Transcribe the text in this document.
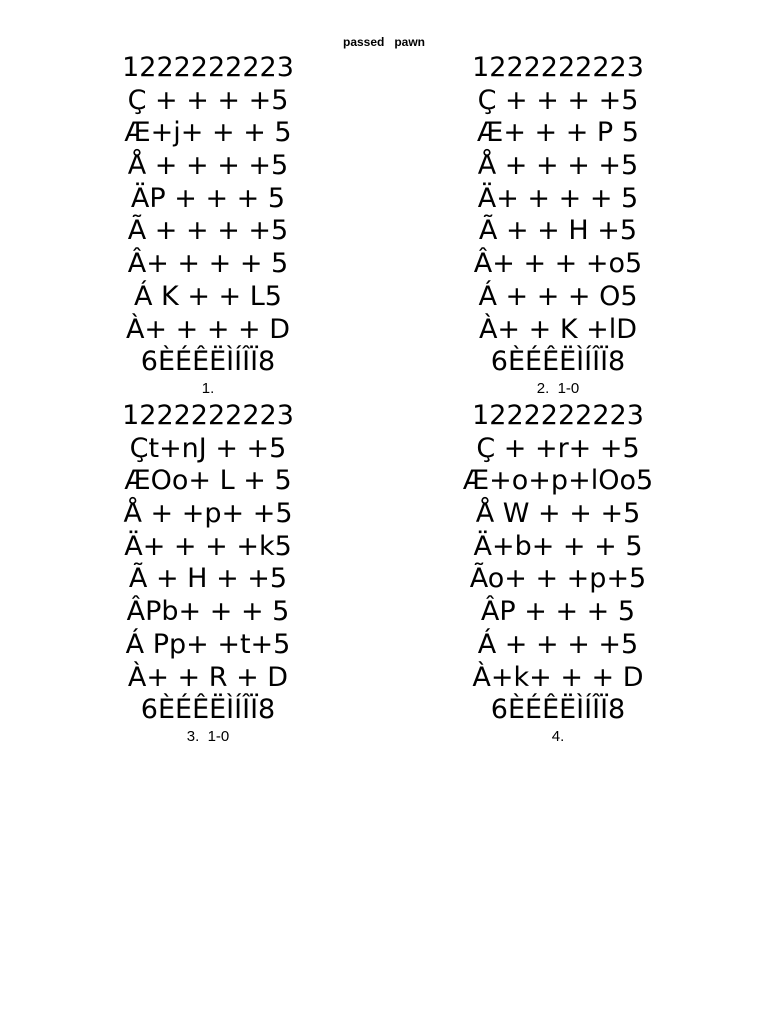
passed   pawn
1222222223
Ç + + + +5
Æ+j+ + + 5
Å + + + +5
ÄP + + + 5
Ã + + + +5
Â+ + + + 5
Á K + + L5
À+ + + + D
6ÈÉÊËÌÍÎÏ8
1.
1222222223
Ç + + + +5
Æ+ + + P 5
Å + + + +5
Ä+ + + + 5
Ã + + H +5
Â+ + + +o5
Á + + + O5
À+ + K +lD
6ÈÉÊËÌÍÎÏ8
2.  1-0
1222222223
Çt+nJ + +5
ÆOo+ L + 5
Å + +p+ +5
Ä+ + + +k5
Ã + H + +5
ÂPb+ + + 5
Á Pp+ +t+5
À+ + R + D
6ÈÉÊËÌÍÎÏ8
3.  1-0
1222222223
Ç + +r+ +5
Æ+o+p+lOo5
Å W + + +5
Ä+b+ + + 5
Ão+ + +p+5
ÂP + + + 5
Á + + + +5
À+k+ + + D
6ÈÉÊËÌÍÎÏ8
4.
